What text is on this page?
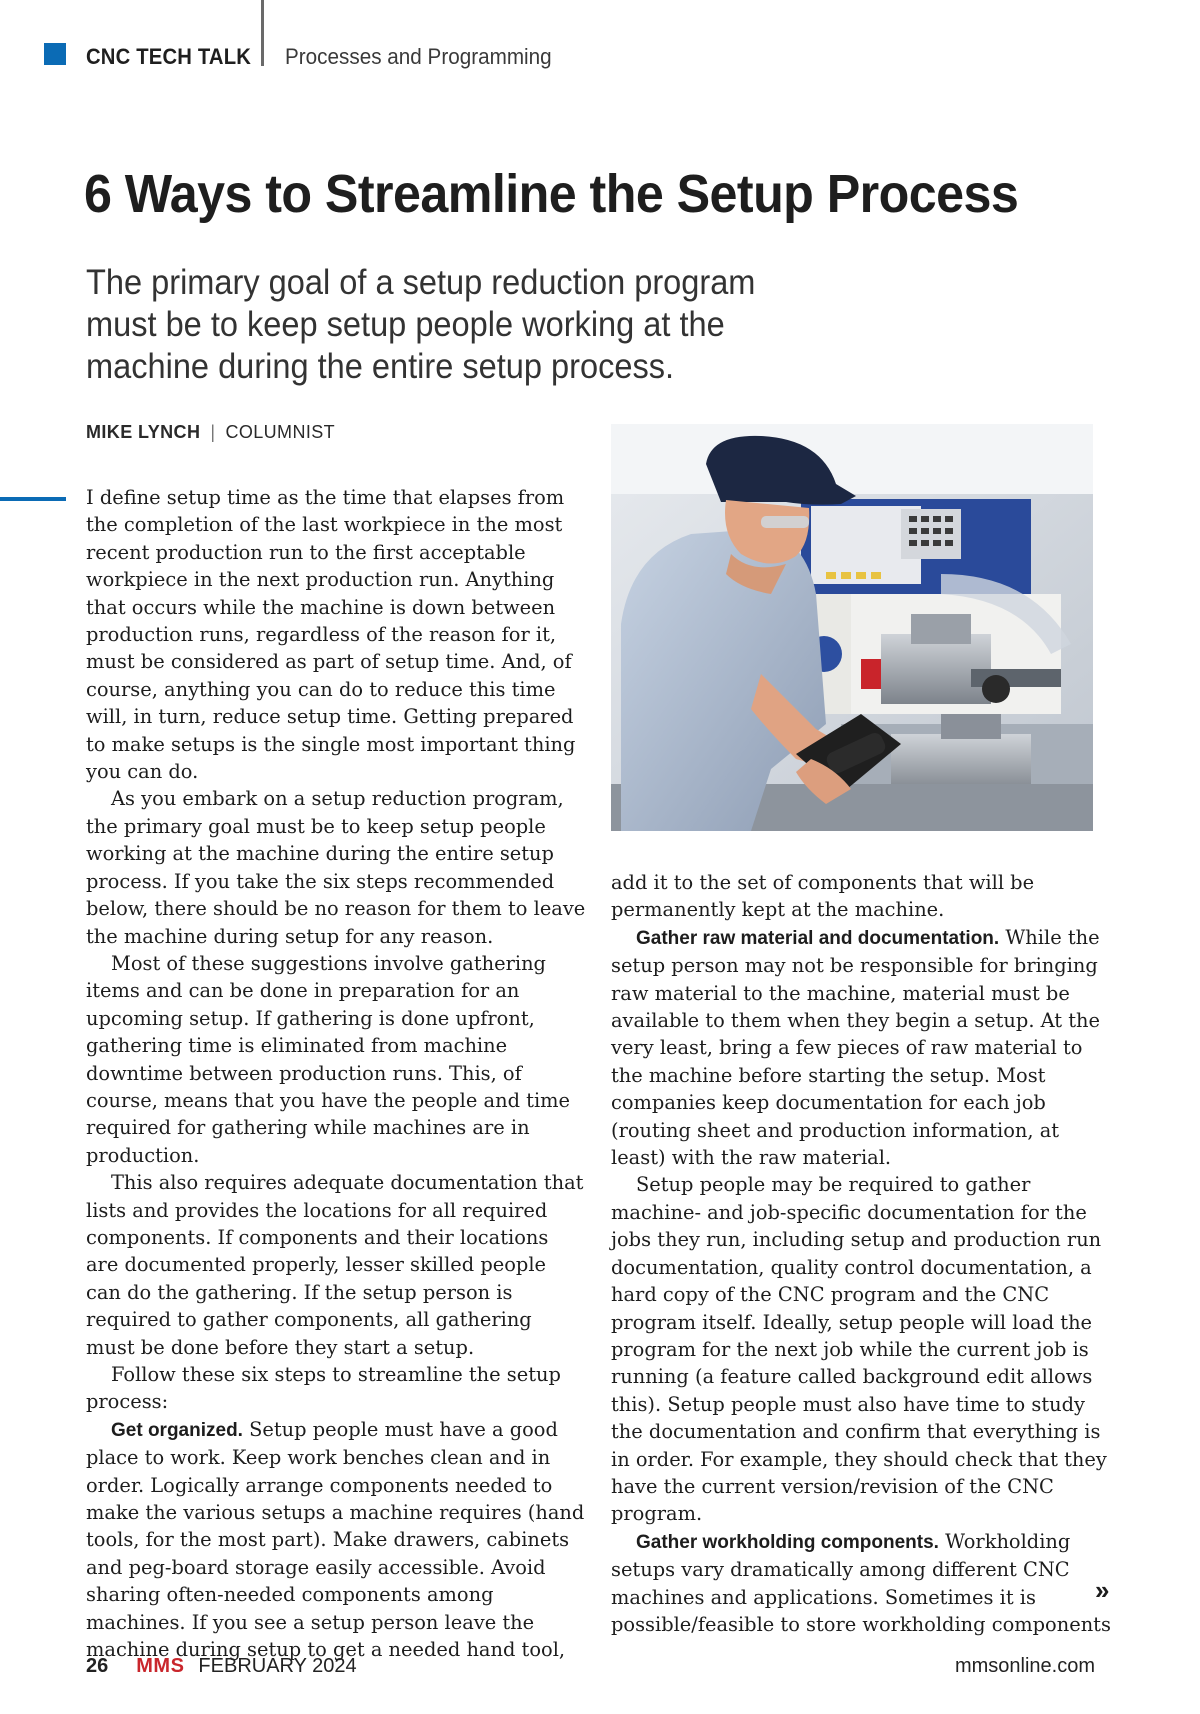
CNC TECH TALK Processes and Programming
6 Ways to Streamline the Setup Process

The primary goal of a setup reduction program must be to keep setup people working at the machine during the entire setup process.

MIKE LYNCH | COLUMNIST

I define setup time as the time that elapses from the completion of the last workpiece in the most recent production run to the first acceptable workpiece in the next production run. Anything that occurs while the machine is down between production runs, regardless of the reason for it, must be considered as part of setup time. And, of course, anything you can do to reduce this time will, in turn, reduce setup time. Getting prepared to make setups is the single most important thing you can do.

As you embark on a setup reduction program, the primary goal must be to keep setup people working at the machine during the entire setup process. If you take the six steps recommended below, there should be no reason for them to leave the machine during setup for any reason.

Most of these suggestions involve gathering items and can be done in preparation for an upcoming setup. If gathering is done upfront, gathering time is eliminated from machine downtime between production runs. This, of course, means that you have the people and time required for gathering while machines are in production.

This also requires adequate documentation that lists and provides the locations for all required components. If components and their locations are documented properly, lesser skilled people can do the gathering. If the setup person is required to gather components, all gathering must be done before they start a setup.

Follow these six steps to streamline the setup process:

Get organized. Setup people must have a good place to work. Keep work benches clean and in order. Logically arrange components needed to make the various setups a machine requires (hand tools, for the most part). Make drawers, cabinets and peg-board storage easily accessible. Avoid sharing often-needed components among machines. If you see a setup person leave the machine during setup to get a needed hand tool,

add it to the set of components that will be permanently kept at the machine.

Gather raw material and documentation. While the setup person may not be responsible for bringing raw material to the machine, material must be available to them when they begin a setup. At the very least, bring a few pieces of raw material to the machine before starting the setup. Most companies keep documentation for each job (routing sheet and production information, at least) with the raw material.

Setup people may be required to gather machine- and job-specific documentation for the jobs they run, including setup and production run documentation, quality control documentation, a hard copy of the CNC program and the CNC program itself. Ideally, setup people will load the program for the next job while the current job is running (a feature called background edit allows this). Setup people must also have time to study the documentation and confirm that everything is in order. For example, they should check that they have the current version/revision of the CNC program.

Gather workholding components. Workholding setups vary dramatically among different CNC machines and applications. Sometimes it is possible/feasible to store workholding components

»
26 MMS FEBRUARY 2024	mmsonline.com
